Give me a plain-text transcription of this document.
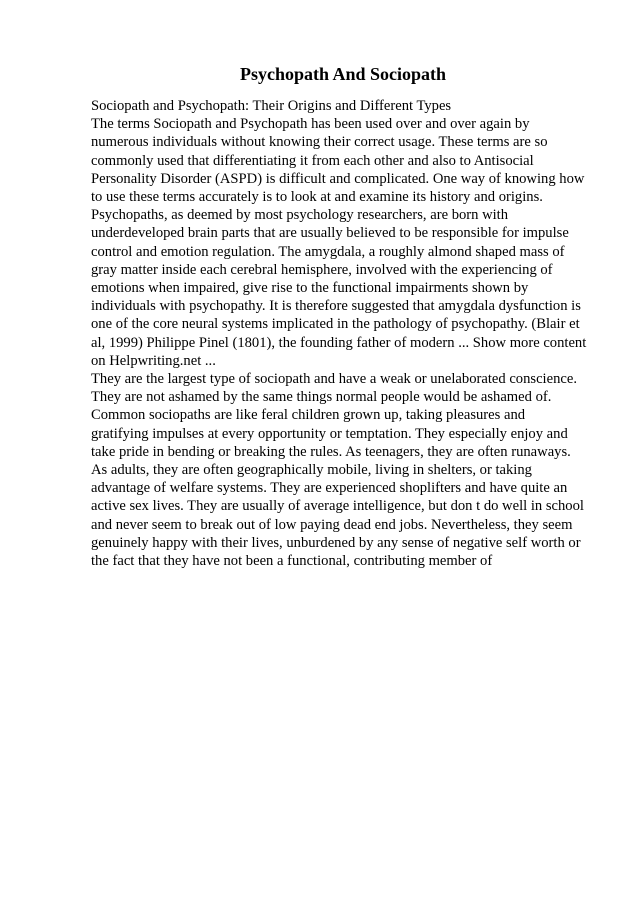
Psychopath And Sociopath
Sociopath and Psychopath: Their Origins and Different Types
The terms Sociopath and Psychopath has been used over and over again by
numerous individuals without knowing their correct usage. These terms are so
commonly used that differentiating it from each other and also to Antisocial
Personality Disorder (ASPD) is difficult and complicated. One way of knowing how
to use these terms accurately is to look at and examine its history and origins.
Psychopaths, as deemed by most psychology researchers, are born with
underdeveloped brain parts that are usually believed to be responsible for impulse
control and emotion regulation. The amygdala, a roughly almond shaped mass of
gray matter inside each cerebral hemisphere, involved with the experiencing of
emotions when impaired, give rise to the functional impairments shown by
individuals with psychopathy. It is therefore suggested that amygdala dysfunction is
one of the core neural systems implicated in the pathology of psychopathy. (Blair et
al, 1999) Philippe Pinel (1801), the founding father of modern ... Show more content
on Helpwriting.net ...
They are the largest type of sociopath and have a weak or unelaborated conscience.
They are not ashamed by the same things normal people would be ashamed of.
Common sociopaths are like feral children grown up, taking pleasures and
gratifying impulses at every opportunity or temptation. They especially enjoy and
take pride in bending or breaking the rules. As teenagers, they are often runaways.
As adults, they are often geographically mobile, living in shelters, or taking
advantage of welfare systems. They are experienced shoplifters and have quite an
active sex lives. They are usually of average intelligence, but don t do well in school
and never seem to break out of low paying dead end jobs. Nevertheless, they seem
genuinely happy with their lives, unburdened by any sense of negative self worth or
the fact that they have not been a functional, contributing member of
